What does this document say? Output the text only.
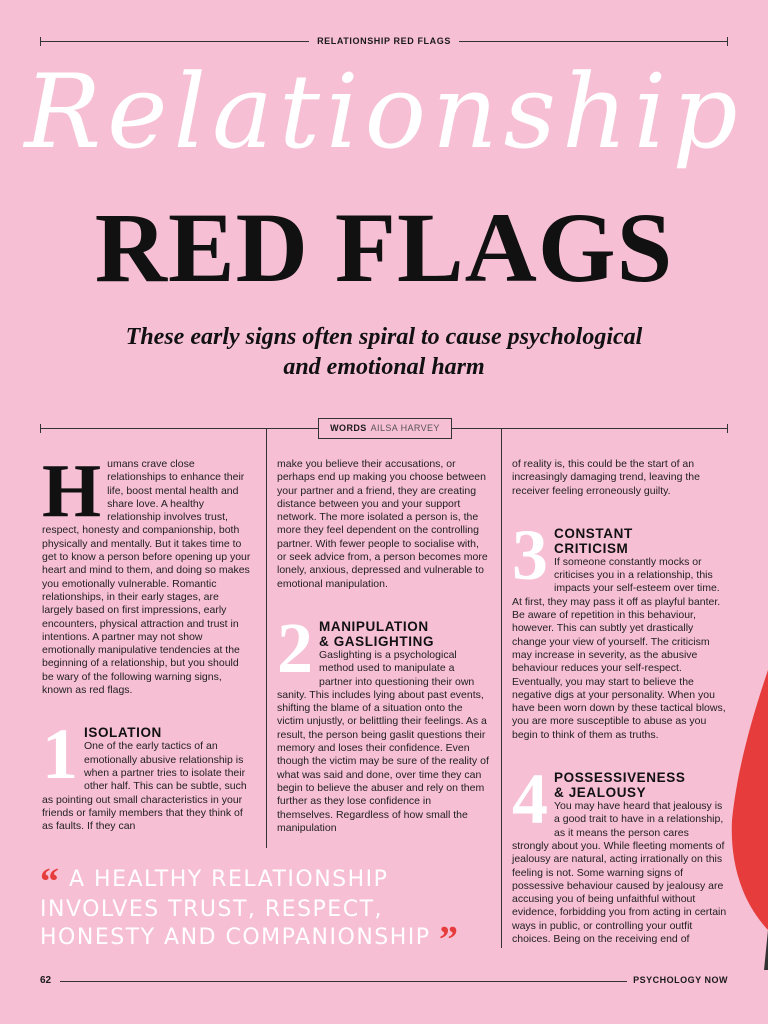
RELATIONSHIP RED FLAGS
Relationship
RED FLAGS
These early signs often spiral to cause psychological and emotional harm
WORDS AILSA HARVEY
H umans crave close relationships to enhance their life, boost mental health and share love. A healthy relationship involves trust, respect, honesty and companionship, both physically and mentally. But it takes time to get to know a person before opening up your heart and mind to them, and doing so makes you emotionally vulnerable. Romantic relationships, in their early stages, are largely based on first impressions, early encounters, physical attraction and trust in intentions. A partner may not show emotionally manipulative tendencies at the beginning of a relationship, but you should be wary of the following warning signs, known as red flags.

1 ISOLATION

One of the early tactics of an emotionally abusive relationship is when a partner tries to isolate their other half. This can be subtle, such as pointing out small characteristics in your friends or family members that they think of as faults. If they can

make you believe their accusations, or perhaps end up making you choose between your partner and a friend, they are creating distance between you and your support network. The more isolated a person is, the more they feel dependent on the controlling partner. With fewer people to socialise with, or seek advice from, a person becomes more lonely, anxious, depressed and vulnerable to emotional manipulation.

2 MANIPULATION
& GASLIGHTING

Gaslighting is a psychological method used to manipulate a partner into questioning their own sanity. This includes lying about past events, shifting the blame of a situation onto the victim unjustly, or belittling their feelings. As a result, the person being gaslit questions their memory and loses their confidence. Even though the victim may be sure of the reality of what was said and done, over time they can begin to believe the abuser and rely on them further as they lose confidence in themselves. Regardless of how small the manipulation

of reality is, this could be the start of an increasingly damaging trend, leaving the receiver feeling erroneously guilty.

3 CONSTANT
CRITICISM

If someone constantly mocks or criticises you in a relationship, this impacts your self-esteem over time. At first, they may pass it off as playful banter. Be aware of repetition in this behaviour, however. This can subtly yet drastically change your view of yourself. The criticism may increase in severity, as the abusive behaviour reduces your self-respect. Eventually, you may start to believe the negative digs at your personality. When you have been worn down by these tactical blows, you are more susceptible to abuse as you begin to think of them as truths.

4 POSSESSIVENESS
& JEALOUSY

You may have heard that jealousy is a good trait to have in a relationship, as it means the person cares strongly about you. While fleeting moments of jealousy are natural, acting irrationally on this feeling is not. Some warning signs of possessive behaviour caused by jealousy are accusing you of being unfaithful without evidence, forbidding you from acting in certain ways in public, or controlling your outfit choices. Being on the receiving end of

“ A HEALTHY RELATIONSHIP INVOLVES TRUST, RESPECT, HONESTY AND COMPANIONSHIP ”
62	PSYCHOLOGY NOW
